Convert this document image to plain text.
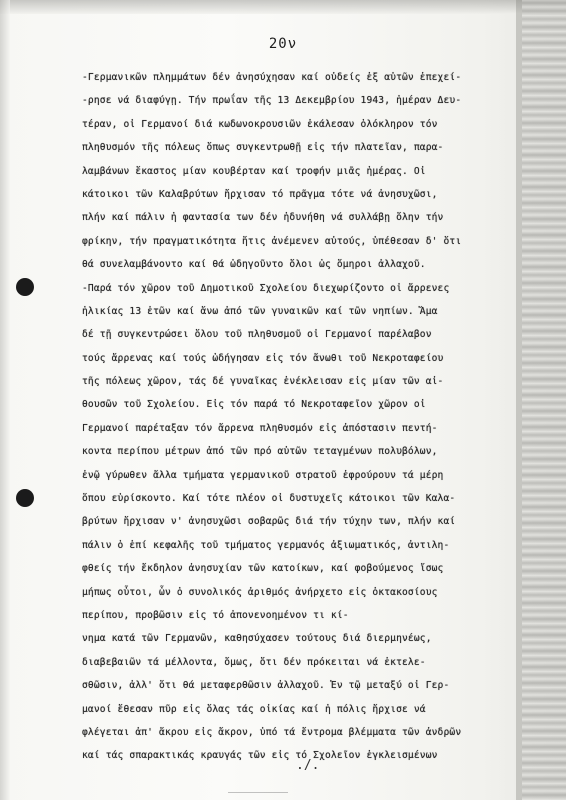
20ν
-Γερμανικῶν πλημμάτων δέν ἀνησύχησαν καί οὐδείς ἐξ αὐτῶν ἐπεχεί-
-ρησε νά διαφύγῃ. Τήν πρωΐαν τῆς 13 Δεκεμβρίου 1943, ἡμέραν Δευ-
τέραν, οἱ Γερμανοί διά κωδωνοκρουσιῶν ἐκάλεσαν ὁλόκληρον τόν
πληθυσμόν τῆς πόλεως ὅπως συγκεντρωθῇ εἰς τήν πλατεῖαν, παρα-
λαμβάνων ἕκαστος μίαν κουβέρταν καί τροφήν μιᾶς ἡμέρας. Οἱ
κάτοικοι τῶν Καλαβρύτων ἤρχισαν τό πρᾶγμα τότε νά ἀνησυχῶσι,
πλήν καί πάλιν ἡ φαντασία των δέν ἠδυνήθη νά συλλάβῃ ὅλην τήν
φρίκην, τήν πραγματικότητα ἥτις ἀνέμενεν αὐτούς, ὑπέθεσαν δ' ὅτι
θά συνελαμβάνοντο καί θά ὡδηγοῦντο ὅλοι ὡς ὅμηροι ἀλλαχοῦ.
-Παρά τόν χῶρον τοῦ Δημοτικοῦ Σχολείου διεχωρίζοντο οἱ ἄρρενες
ἡλικίας 13 ἐτῶν καί ἄνω ἀπό τῶν γυναικῶν καί τῶν νηπίων. Ἅμα
δέ τῇ συγκεντρώσει ὅλου τοῦ πληθυσμοῦ οἱ Γερμανοί παρέλαβον
τούς ἄρρενας καί τούς ὡδήγησαν εἰς τόν ἄνωθι τοῦ Νεκροταφείου
τῆς πόλεως χῶρον, τάς δέ γυναῖκας ἐνέκλεισαν εἰς μίαν τῶν αἰ-
θουσῶν τοῦ Σχολείου. Εἰς τόν παρά τό Νεκροταφεῖον χῶρον οἱ
Γερμανοί παρέταξαν τόν ἄρρενα πληθυσμόν εἰς ἀπόστασιν πεντή-
κοντα περίπου μέτρων ἀπό τῶν πρό αὐτῶν τεταγμένων πολυβόλων,
ἐνῷ γύρωθεν ἄλλα τμήματα γερμανικοῦ στρατοῦ ἐφρούρουν τά μέρη
ὅπου εὑρίσκοντο. Καί τότε πλέον οἱ δυστυχεῖς κάτοικοι τῶν Καλα-
βρύτων ἤρχισαν ν' ἀνησυχῶσι σοβαρῶς διά τήν τύχην των, πλήν καί
πάλιν ὁ ἐπί κεφαλῆς τοῦ τμήματος γερμανός ἀξιωματικός, ἀντιλη-
φθείς τήν ἔκδηλον ἀνησυχίαν τῶν κατοίκων, καί φοβούμενος ἴσως
μήπως οὗτοι, ὧν ὁ συνολικός ἀριθμός ἀνήρχετο εἰς ὀκτακοσίους
περίπου, προβῶσιν εἰς τό ἀπονενοημένον τι κί-
νημα κατά τῶν Γερμανῶν, καθησύχασεν τούτους διά διερμηνέως,
διαβεβαιῶν τά μέλλοντα, ὅμως, ὅτι δέν πρόκειται νά ἐκτελε-
σθῶσιν, ἀλλ' ὅτι θά μεταφερθῶσιν ἀλλαχοῦ. Ἐν τῷ μεταξύ οἱ Γερ-
μανοί ἔθεσαν πῦρ εἰς ὅλας τάς οἰκίας καί ἡ πόλις ἤρχισε νά
φλέγεται ἀπ' ἄκρου εἰς ἄκρον, ὑπό τά ἔντρομα βλέμματα τῶν ἀνδρῶν
καί τάς σπαρακτικάς κραυγάς τῶν εἰς τό Σχολεῖον ἐγκλεισμένων
./.
